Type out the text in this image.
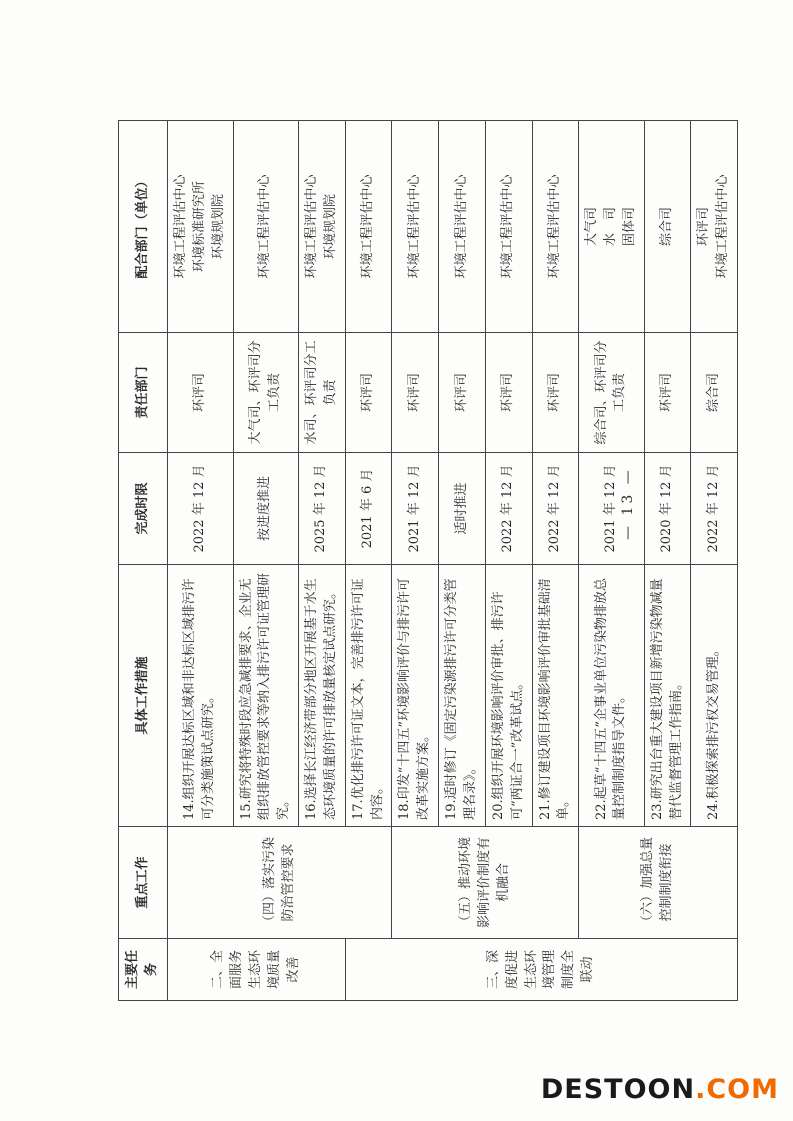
主要任务	重点工作	具体工作措施	完成时限	责任部门	配合部门（单位）
二、全面服务生态环境质量改善	（四）落实污染防治管控要求	14.组织开展达标区域和非达标区域排污许可分类施策试点研究。	2022 年 12 月	环评司	环境工程评估中心
环境标准研究所
环境规划院
		15.研究将特殊时段应急减排要求、企业无组织排放管控要求等纳入排污许可证管理研究。	按进度推进	大气司、环评司分工负责	环境工程评估中心
		16.选择长江经济带部分地区开展基于水生态环境质量的许可排放量核定试点研究。	2025 年 12 月	水司、环评司分工负责	环境工程评估中心
环境规划院
三、深度促进生态环境管理制度全联动		17.优化排污许可证文本，完善排污许可证内容。	2021 年 6 月	环评司	环境工程评估中心
	（五）推动环境影响评价制度有机融合	18.印发“十四五”环境影响评价与排污许可改革实施方案。	2021 年 12 月	环评司	环境工程评估中心
		19.适时修订《固定污染源排污许可分类管理名录》。	适时推进	环评司	环境工程评估中心
		20.组织开展环境影响评价审批、排污许可“两证合一”改革试点。	2022 年 12 月	环评司	环境工程评估中心
		21.修订建设项目环境影响评价审批基础清单。	2022 年 12 月	环评司	环境工程评估中心
	（六）加强总量控制制度衔接	22.起草“十四五”企事业单位污染物排放总量控制制度指导文件。	2021 年 12 月	综合司、环评司分工负责	大气司
水　司
固体司
		23.研究出台重大建设项目新增污染物减量替代监督管理工作指南。	2020 年 12 月	环评司	综合司
		24.积极探索排污权交易管理。	2022 年 12 月	综合司	环评司
环境工程评估中心
— 13 —
DESTOON.COM
